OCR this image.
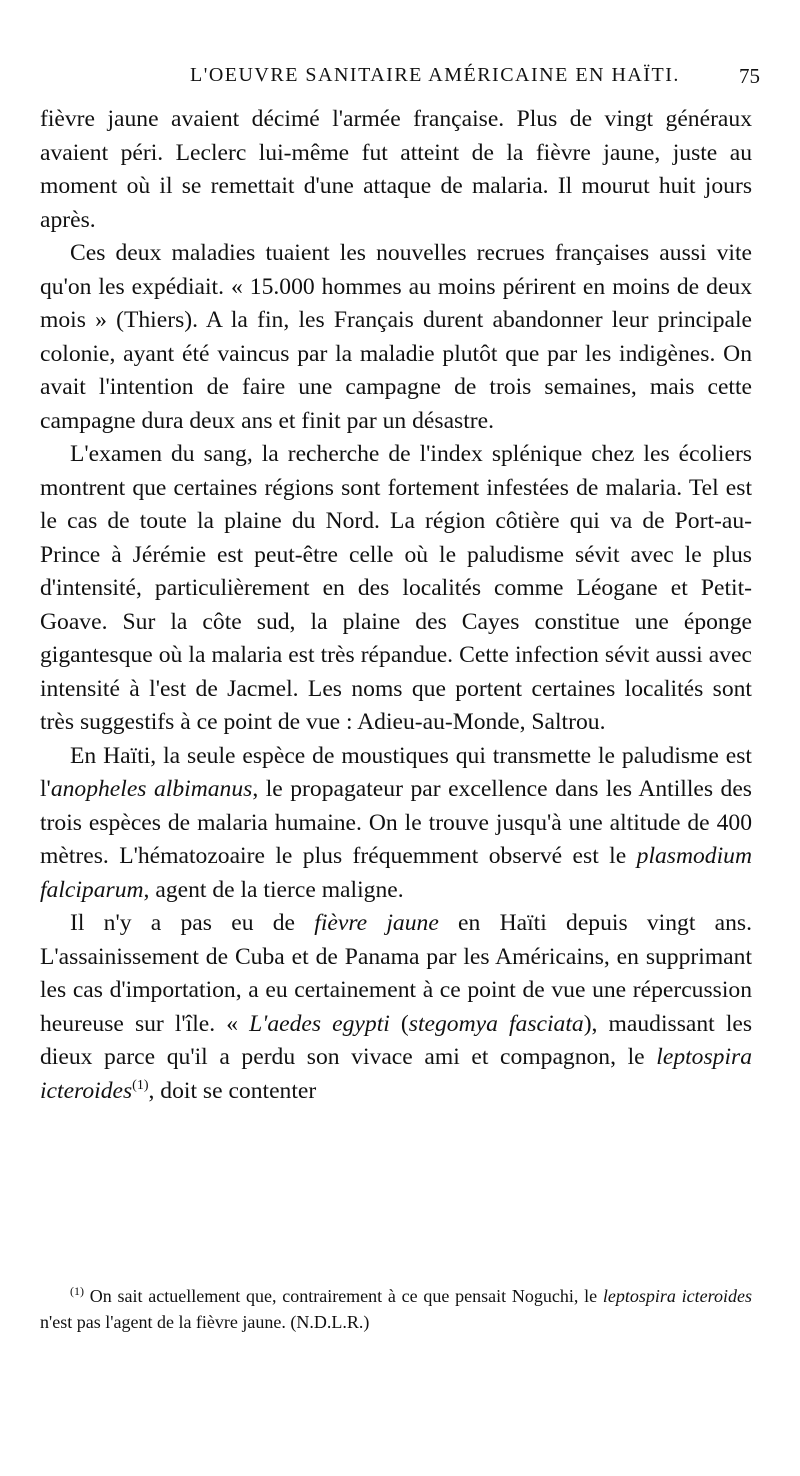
L'OEUVRE SANITAIRE AMÉRICAINE EN HAÏTI.	75

fièvre jaune avaient décimé l'armée française. Plus de vingt généraux avaient péri. Leclerc lui-même fut atteint de la fièvre jaune, juste au moment où il se remettait d'une attaque de malaria. Il mourut huit jours après.

Ces deux maladies tuaient les nouvelles recrues françaises aussi vite qu'on les expédiait. « 15.000 hommes au moins périrent en moins de deux mois » (Thiers). A la fin, les Français durent abandonner leur principale colonie, ayant été vaincus par la maladie plutôt que par les indigènes. On avait l'intention de faire une campagne de trois semaines, mais cette campagne dura deux ans et finit par un désastre.

L'examen du sang, la recherche de l'index splénique chez les écoliers montrent que certaines régions sont fortement infestées de malaria. Tel est le cas de toute la plaine du Nord. La région côtière qui va de Port-au-Prince à Jérémie est peut-être celle où le paludisme sévit avec le plus d'intensité, particulièrement en des localités comme Léogane et Petit-Goave. Sur la côte sud, la plaine des Cayes constitue une éponge gigantesque où la malaria est très répandue. Cette infection sévit aussi avec intensité à l'est de Jacmel. Les noms que portent certaines localités sont très suggestifs à ce point de vue : Adieu-au-Monde, Saltrou.

En Haïti, la seule espèce de moustiques qui transmette le paludisme est l'anopheles albimanus, le propagateur par excellence dans les Antilles des trois espèces de malaria humaine. On le trouve jusqu'à une altitude de 400 mètres. L'hématozoaire le plus fréquemment observé est le plasmodium falciparum, agent de la tierce maligne.

Il n'y a pas eu de fièvre jaune en Haïti depuis vingt ans. L'assainissement de Cuba et de Panama par les Américains, en supprimant les cas d'importation, a eu certainement à ce point de vue une répercussion heureuse sur l'île. « L'aedes egypti (stegomya fasciata), maudissant les dieux parce qu'il a perdu son vivace ami et compagnon, le leptospira icteroides$^{(1)}$, doit se contenter

$^{(1)}$ On sait actuellement que, contrairement à ce que pensait Noguchi, le leptospira icteroides n'est pas l'agent de la fièvre jaune. (N.D.L.R.)
